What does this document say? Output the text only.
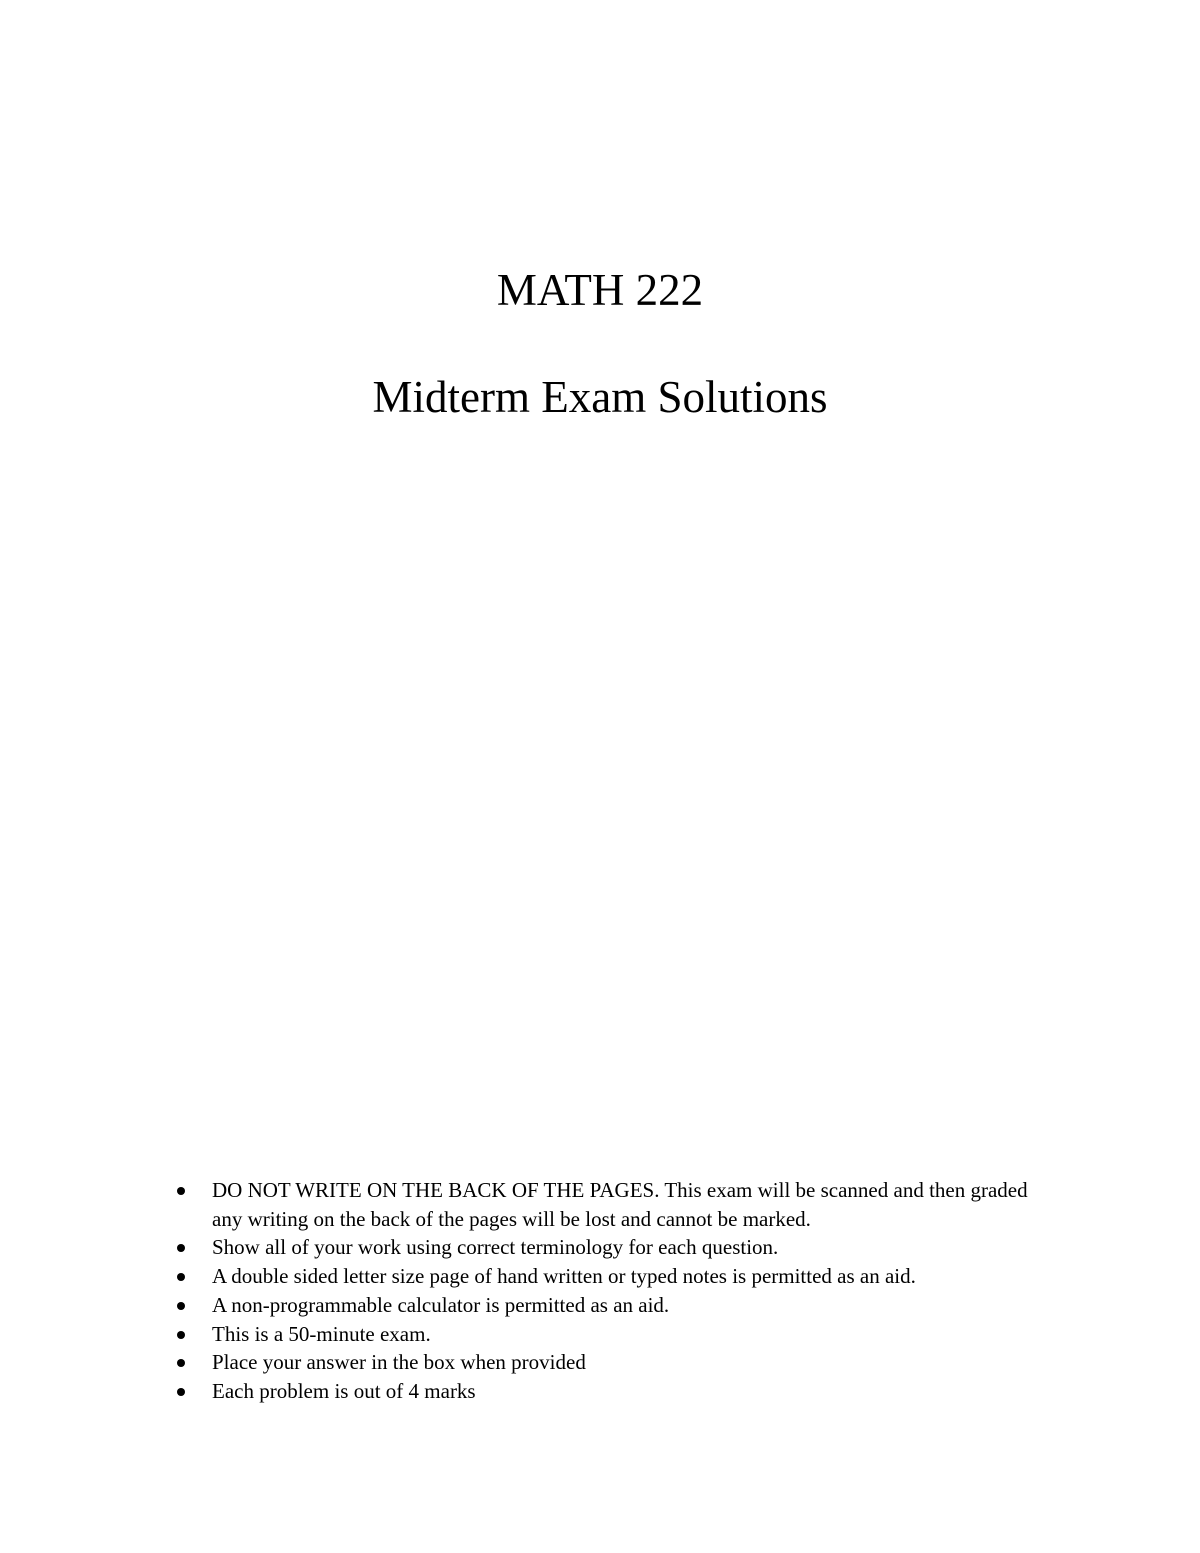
MATH 222
Midterm Exam Solutions
DO NOT WRITE ON THE BACK OF THE PAGES. This exam will be scanned and then graded any writing on the back of the pages will be lost and cannot be marked.
Show all of your work using correct terminology for each question.
A double sided letter size page of hand written or typed notes is permitted as an aid.
A non-programmable calculator is permitted as an aid.
This is a 50-minute exam.
Place your answer in the box when provided
Each problem is out of 4 marks
